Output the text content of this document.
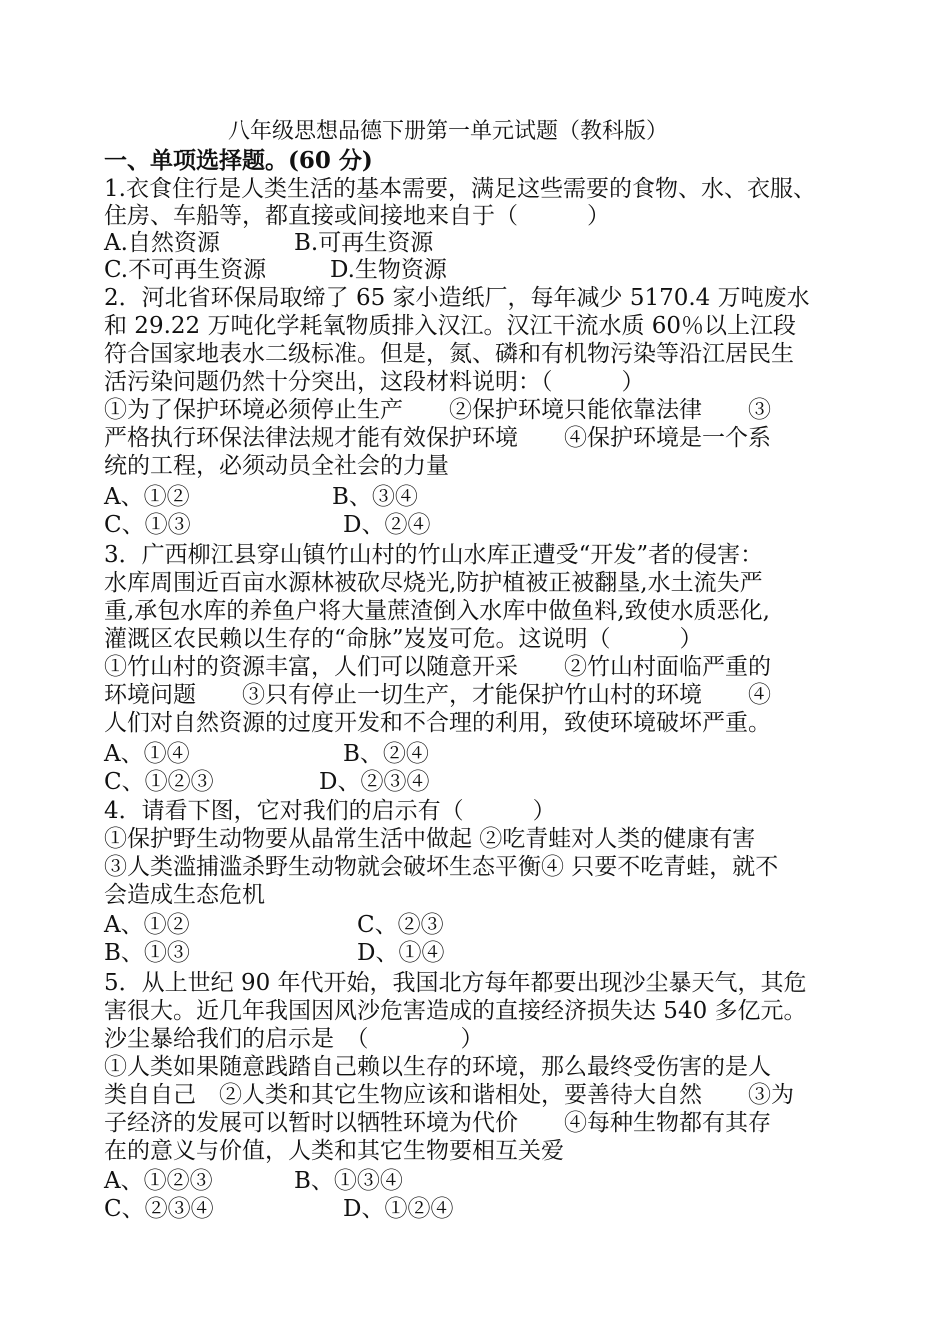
八年级思想品德下册第一单元试题（教科版）
一、单项选择题。(60 分)
1.衣食住行是人类生活的基本需要，满足这些需要的食物、水、衣服、
住房、车船等，都直接或间接地来自于（　　　）
A.自然资源	B.可再生资源
C.不可再生资源	D.生物资源
2．河北省环保局取缔了 65 家小造纸厂，每年减少 5170.4 万吨废水
和 29.22 万吨化学耗氧物质排入汉江。汉江干流水质 60％以上江段
符合国家地表水二级标准。但是，氮、磷和有机物污染等沿江居民生
活污染问题仍然十分突出，这段材料说明：（　　　）
①为了保护环境必须停止生产　　②保护环境只能依靠法律　　③
严格执行环保法律法规才能有效保护环境　　④保护环境是一个系
统的工程，必须动员全社会的力量
A、①②	B、③④
C、①③	D、②④
3．广西柳江县穿山镇竹山村的竹山水库正遭受“开发”者的侵害：
水库周围近百亩水源林被砍尽烧光,防护植被正被翻垦,水土流失严
重,承包水库的养鱼户将大量蔗渣倒入水库中做鱼料,致使水质恶化,
灌溉区农民赖以生存的“命脉”岌岌可危。这说明（　　　）
①竹山村的资源丰富，人们可以随意开采　　②竹山村面临严重的
环境问题　　③只有停止一切生产，才能保护竹山村的环境　　④
人们对自然资源的过度开发和不合理的利用，致使环境破坏严重。
A、①④	B、②④
C、①②③	D、②③④
4．请看下图，它对我们的启示有（　　　）
①保护野生动物要从晶常生活中做起 ②吃青蛙对人类的健康有害
③人类滥捕滥杀野生动物就会破坏生态平衡④ 只要不吃青蛙，就不
会造成生态危机
A、①②	C、②③
B、①③	D、①④
5．从上世纪 90 年代开始，我国北方每年都要出现沙尘暴天气，其危
害很大。近几年我国因风沙危害造成的直接经济损失达 540 多亿元。
沙尘暴给我们的启示是　（　　　　）
①人类如果随意践踏自己赖以生存的环境，那么最终受伤害的是人
类自自己　②人类和其它生物应该和谐相处，要善待大自然　　③为
子经济的发展可以暂时以牺牲环境为代价　　④每种生物都有其存
在的意义与价值，人类和其它生物要相互关爱
A、①②③	B、①③④
C、②③④	D、①②④
